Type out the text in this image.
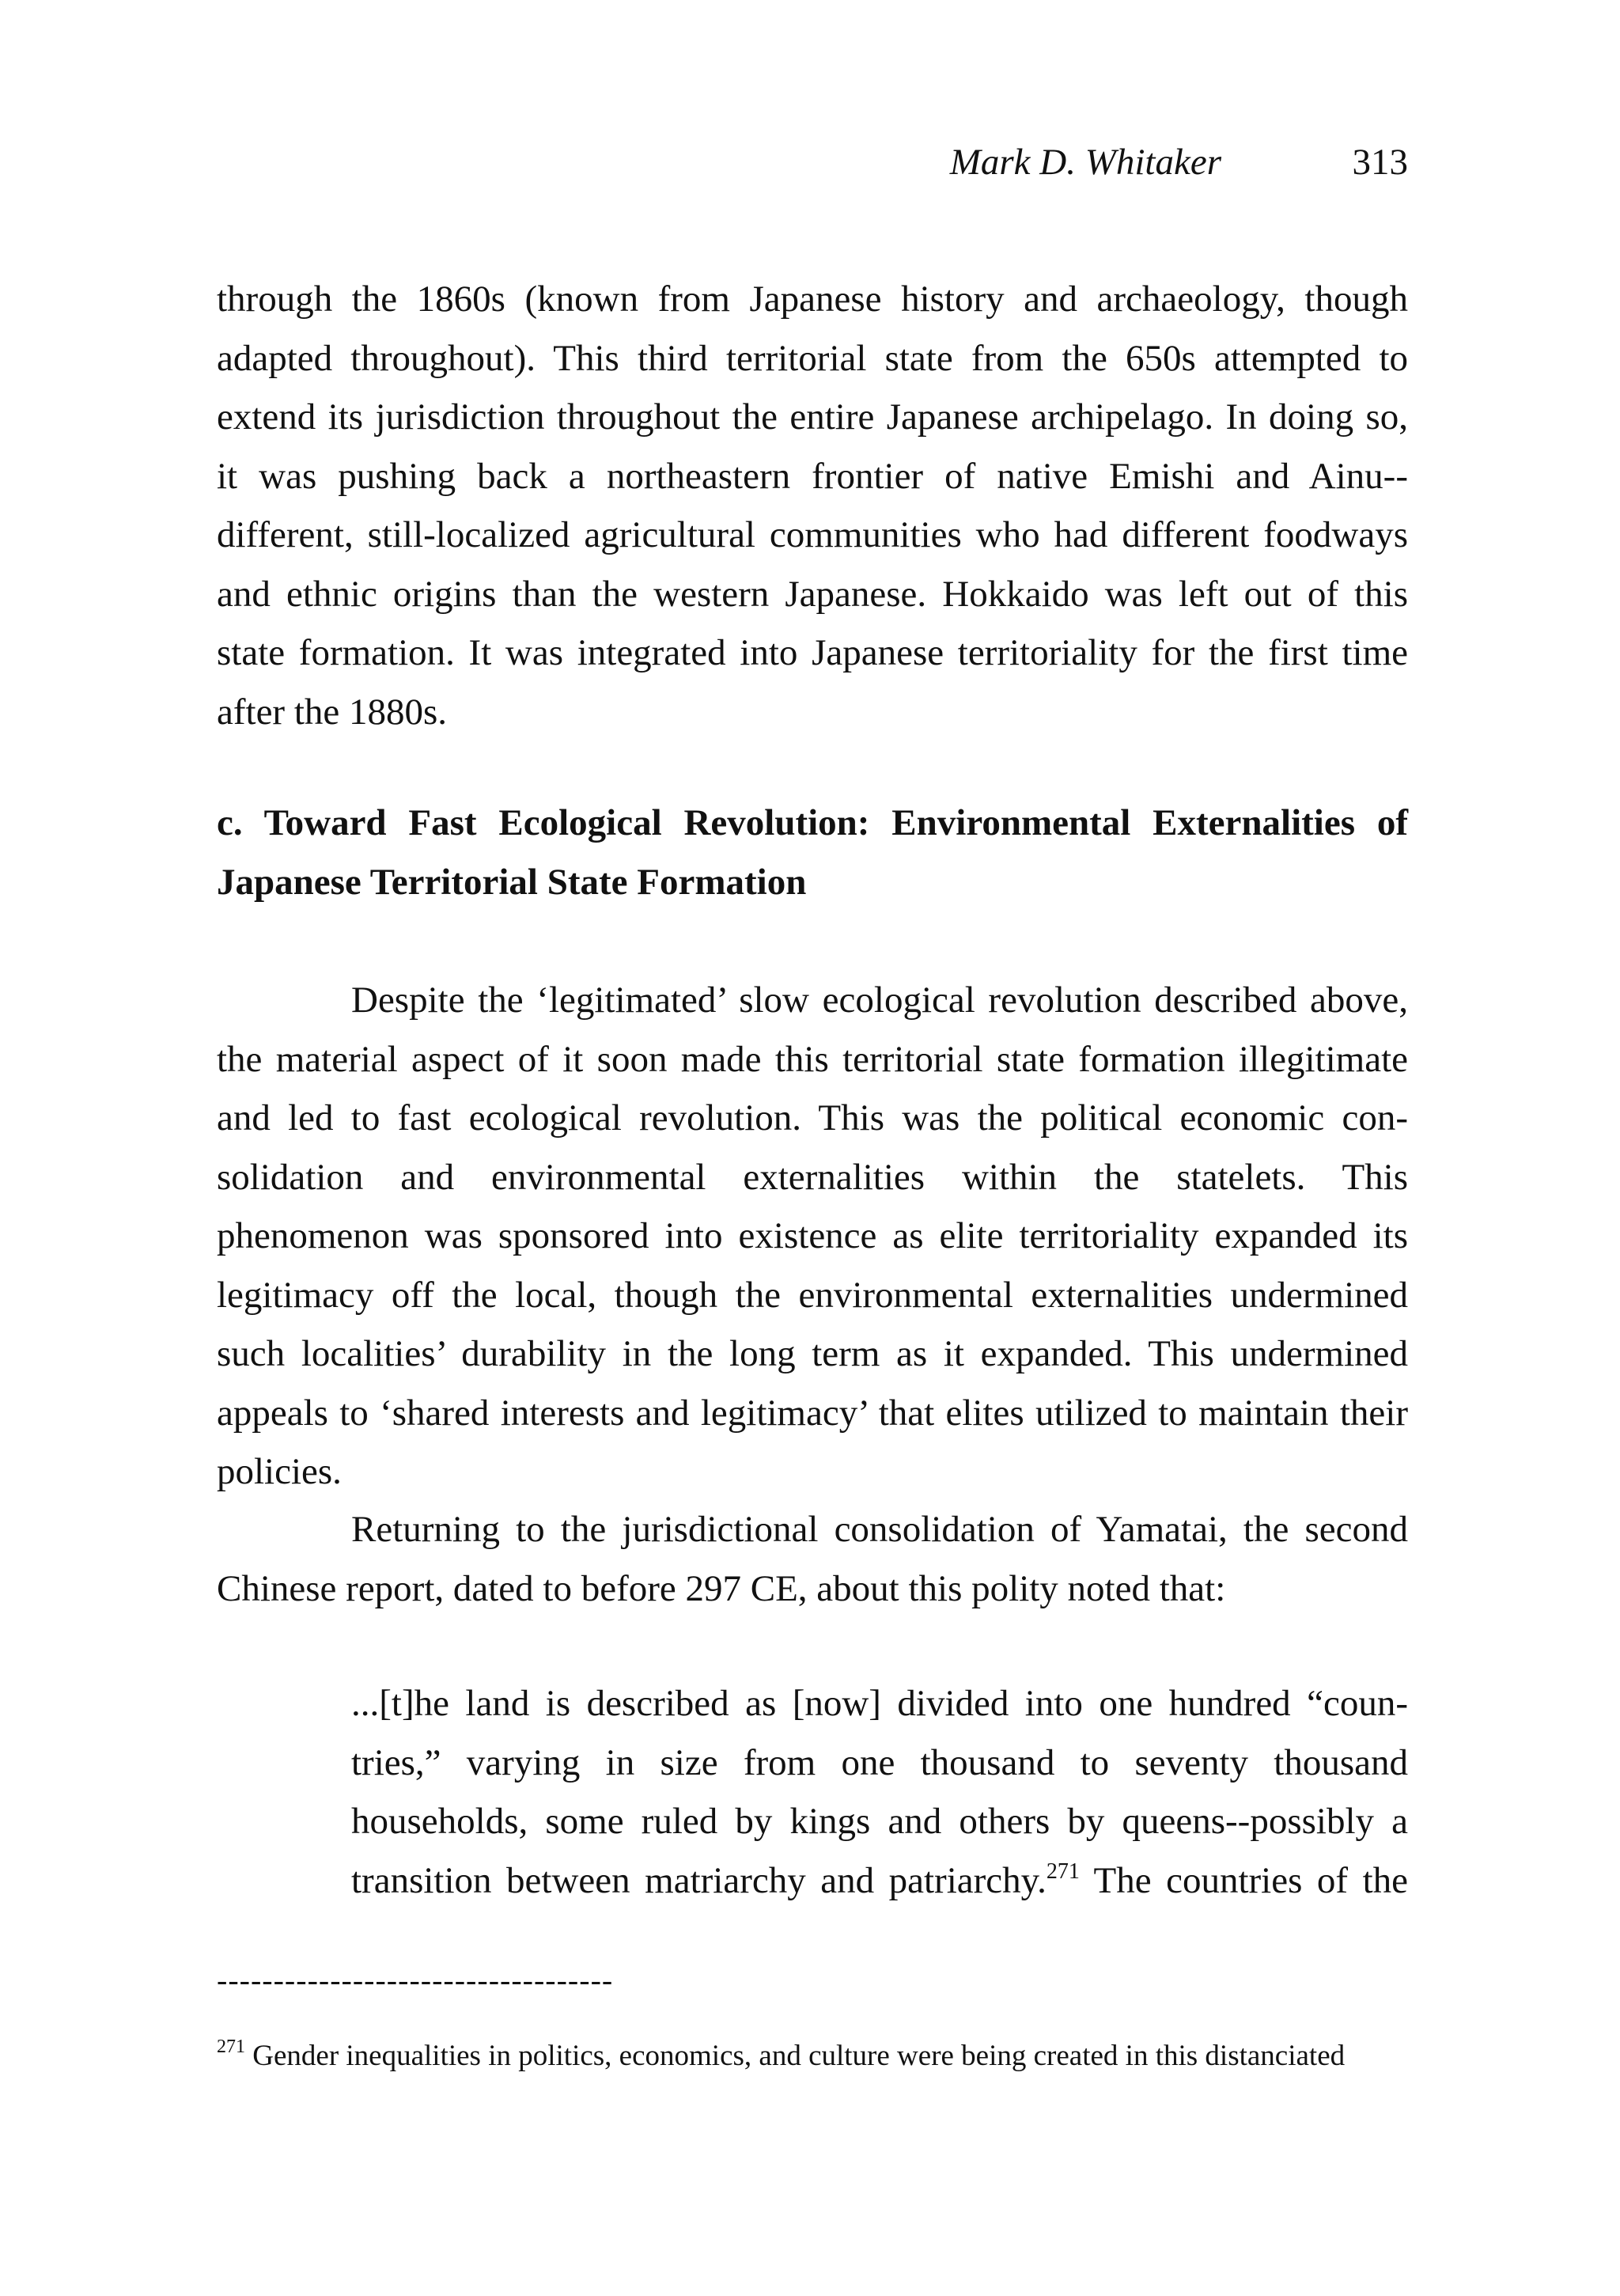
Mark D. Whitaker	313

through the 1860s (known from Japanese history and archaeology, though
adapted throughout). This third territorial state from the 650s attempted to
extend its jurisdiction throughout the entire Japanese archipelago. In doing so,
it was pushing back a northeastern frontier of native Emishi and Ainu--
different, still-localized agricultural communities who had different foodways
and ethnic origins than the western Japanese. Hokkaido was left out of this
state formation. It was integrated into Japanese territoriality for the first time
after the 1880s.

c. Toward Fast Ecological Revolution: Environmental Externalities of
Japanese Territorial State Formation

Despite the ‘legitimated’ slow ecological revolution described above,
the material aspect of it soon made this territorial state formation illegitimate
and led to fast ecological revolution. This was the political economic con-
solidation and environmental externalities within the statelets. This
phenomenon was sponsored into existence as elite territoriality expanded its
legitimacy off the local, though the environmental externalities undermined
such localities’ durability in the long term as it expanded. This undermined
appeals to ‘shared interests and legitimacy’ that elites utilized to maintain their
policies.

Returning to the jurisdictional consolidation of Yamatai, the second
Chinese report, dated to before 297 CE, about this polity noted that:

...[t]he land is described as [now] divided into one hundred “coun-
tries,” varying in size from one thousand to seventy thousand
households, some ruled by kings and others by queens--possibly a
transition between matriarchy and patriarchy.$^{271}$ The countries of the
-----------------------------------
$^{271}$ Gender inequalities in politics, economics, and culture were being created in this distanciated
